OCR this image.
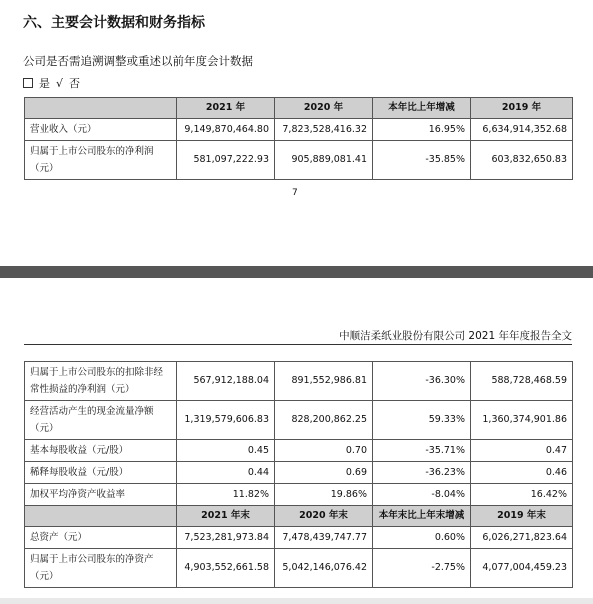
六、主要会计数据和财务指标
公司是否需追溯调整或重述以前年度会计数据
是 √ 否
	2021 年	2020 年	本年比上年增减	2019 年
营业收入（元）	9,149,870,464.80	7,823,528,416.32	16.95%	6,634,914,352.68
归属于上市公司股东的净利润（元）	581,097,222.93	905,889,081.41	-35.85%	603,832,650.83
7
中顺洁柔纸业股份有限公司 2021 年年度报告全文
归属于上市公司股东的扣除非经常性损益的净利润（元）	567,912,188.04	891,552,986.81	-36.30%	588,728,468.59
经营活动产生的现金流量净额（元）	1,319,579,606.83	828,200,862.25	59.33%	1,360,374,901.86
基本每股收益（元/股）	0.45	0.70	-35.71%	0.47
稀释每股收益（元/股）	0.44	0.69	-36.23%	0.46
加权平均净资产收益率	11.82%	19.86%	-8.04%	16.42%
	2021 年末	2020 年末	本年末比上年末增减	2019 年末
总资产（元）	7,523,281,973.84	7,478,439,747.77	0.60%	6,026,271,823.64
归属于上市公司股东的净资产（元）	4,903,552,661.58	5,042,146,076.42	-2.75%	4,077,004,459.23
